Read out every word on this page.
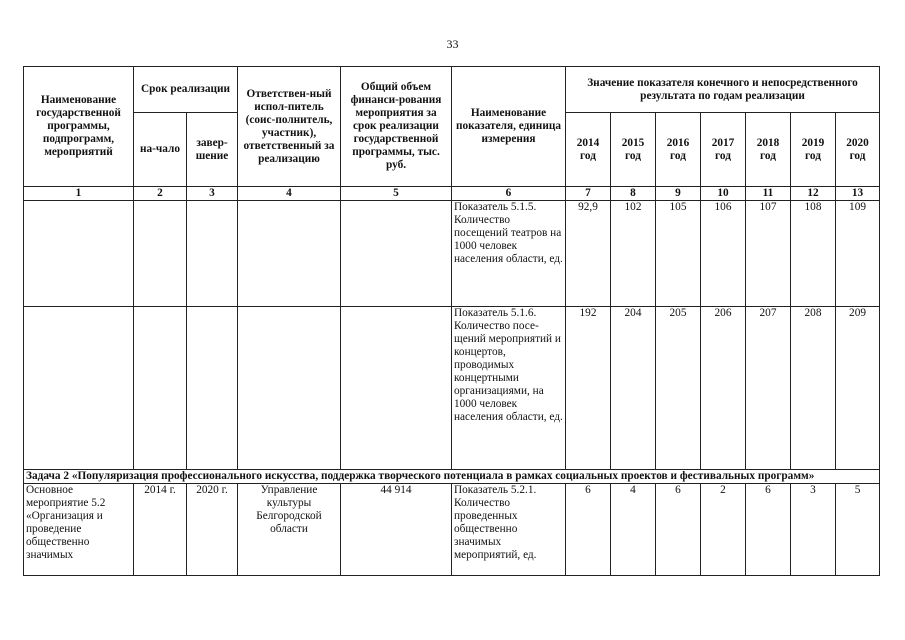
33
Наименование государственной программы, подпрограмм, мероприятий	Срок реализации		Ответствен-ный испол-питель (соис-полнитель, участник), ответственный за реализацию	Общий объем финанси-рования мероприятия за срок реализации государственной программы, тыс. руб.	Наименование показателя, единица измерения	Значение показателя конечного и непосредственного результата по годам реализации						
	на-чало	завер-шение				2014 год	2015 год	2016 год	2017 год	2018 год	2019 год	2020 год
1	2	3	4	5	6	7	8	9	10	11	12	13
					Показатель 5.1.5. Количество посещений театров на 1000 человек населения области, ед.	92,9	102	105	106	107	108	109
					Показатель 5.1.6. Количество посе-щений мероприятий и концертов, проводимых концертными организациями, на 1000 человек населения области, ед.	192	204	205	206	207	208	209
Задача 2 «Популяризация профессионального искусства, поддержка творческого потенциала в рамках социальных проектов и фестивальных программ»												
Основное мероприятие 5.2 «Организация и проведение общественно значимых	2014 г.	2020 г.	Управление культуры Белгородской области	44 914	Показатель 5.2.1. Количество проведенных общественно значимых мероприятий, ед.	6	4	6	2	6	3	5
